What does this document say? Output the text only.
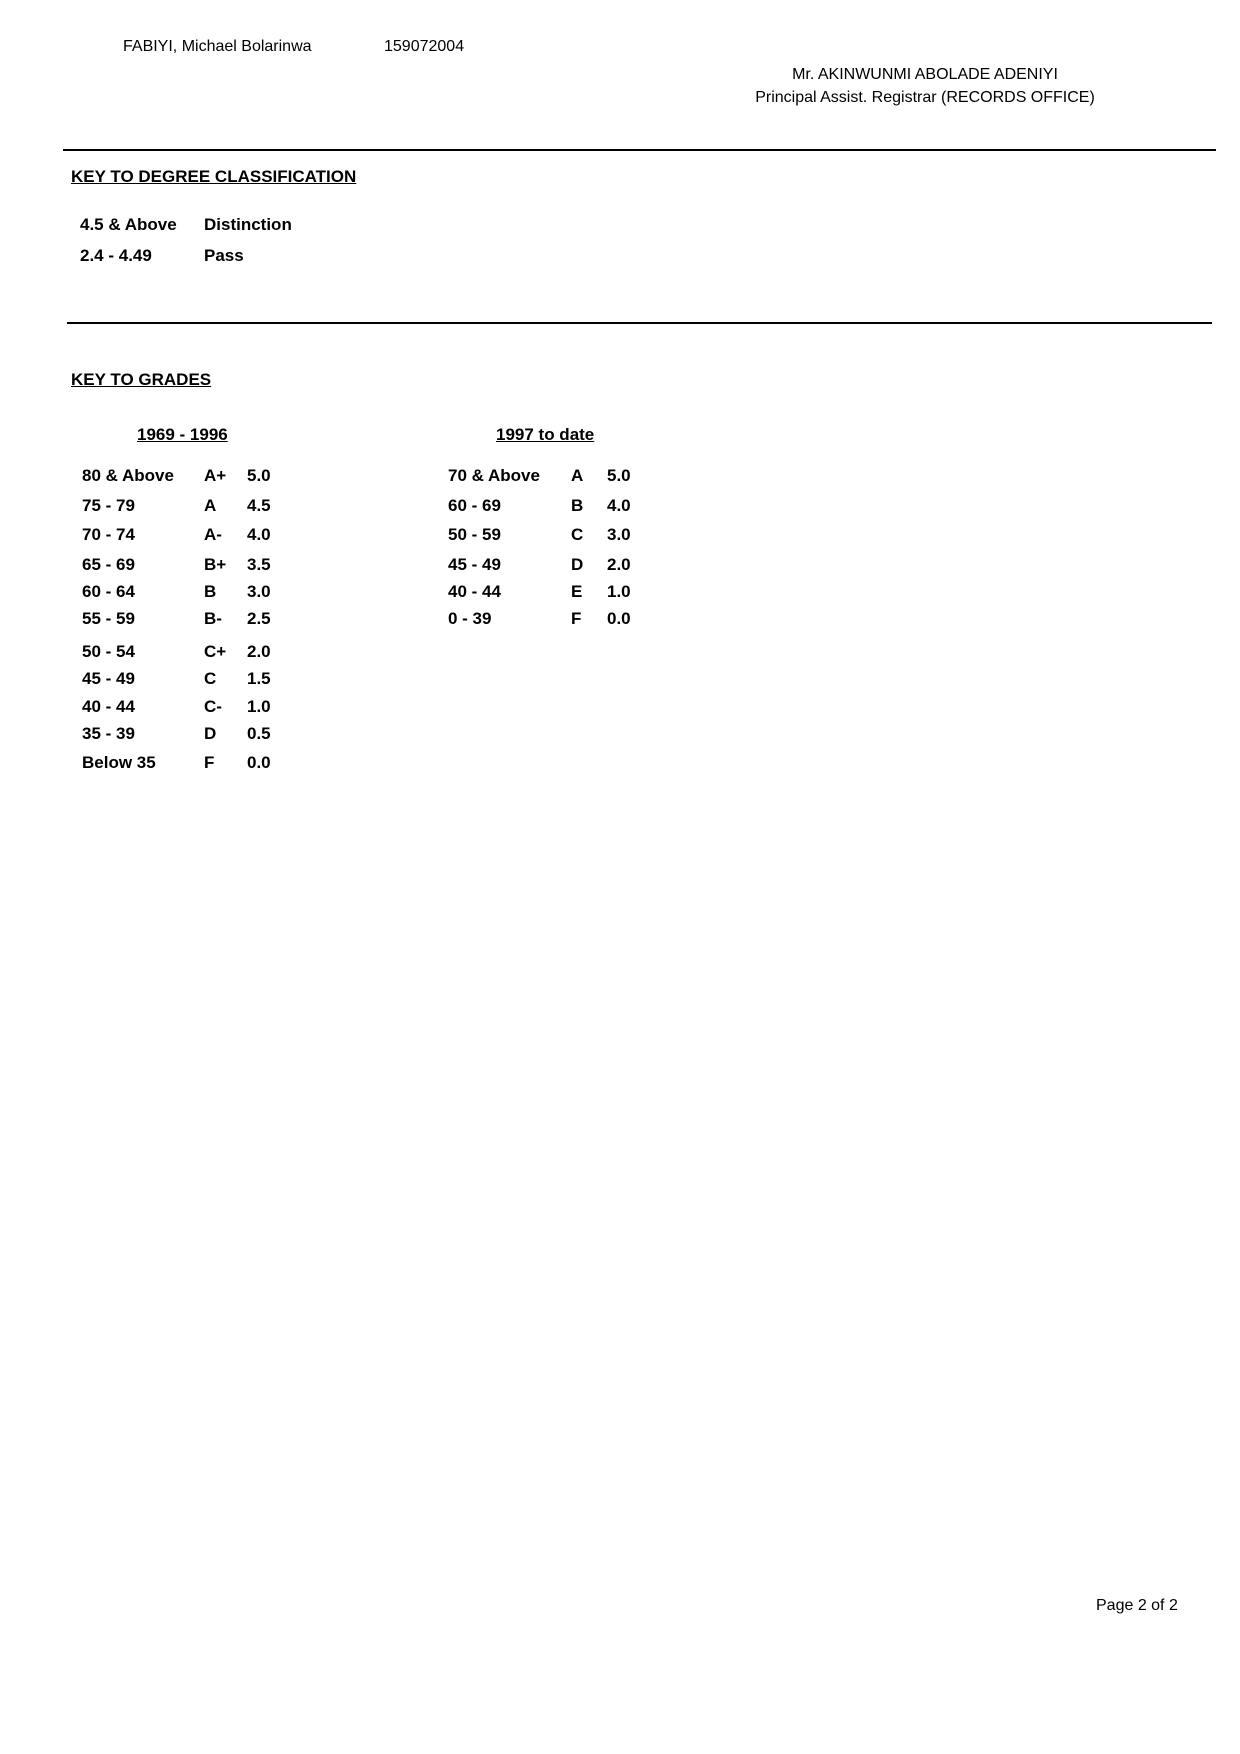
FABIYI, Michael Bolarinwa	159072004
Mr. AKINWUNMI ABOLADE ADENIYI
Principal Assist. Registrar (RECORDS OFFICE)
KEY TO DEGREE CLASSIFICATION
4.5 & Above Distinction
2.4 - 4.49	Pass
KEY TO GRADES
1969 - 1996	1997 to date
80 & Above A+ 5.0
75 - 79	A 4.5
70 - 74	A- 4.0
65 - 69	B+ 3.5
60 - 64	B 3.0
55 - 59	B- 2.5
50 - 54	C+ 2.0
45 - 49	C 1.5
40 - 44	C- 1.0
35 - 39	D 0.5
Below 35	F 0.0
70 & Above A 5.0
60 - 69	B 4.0
50 - 59	C 3.0
45 - 49	D 2.0
40 - 44	E 1.0
0 - 39	F 0.0
Page 2 of 2
